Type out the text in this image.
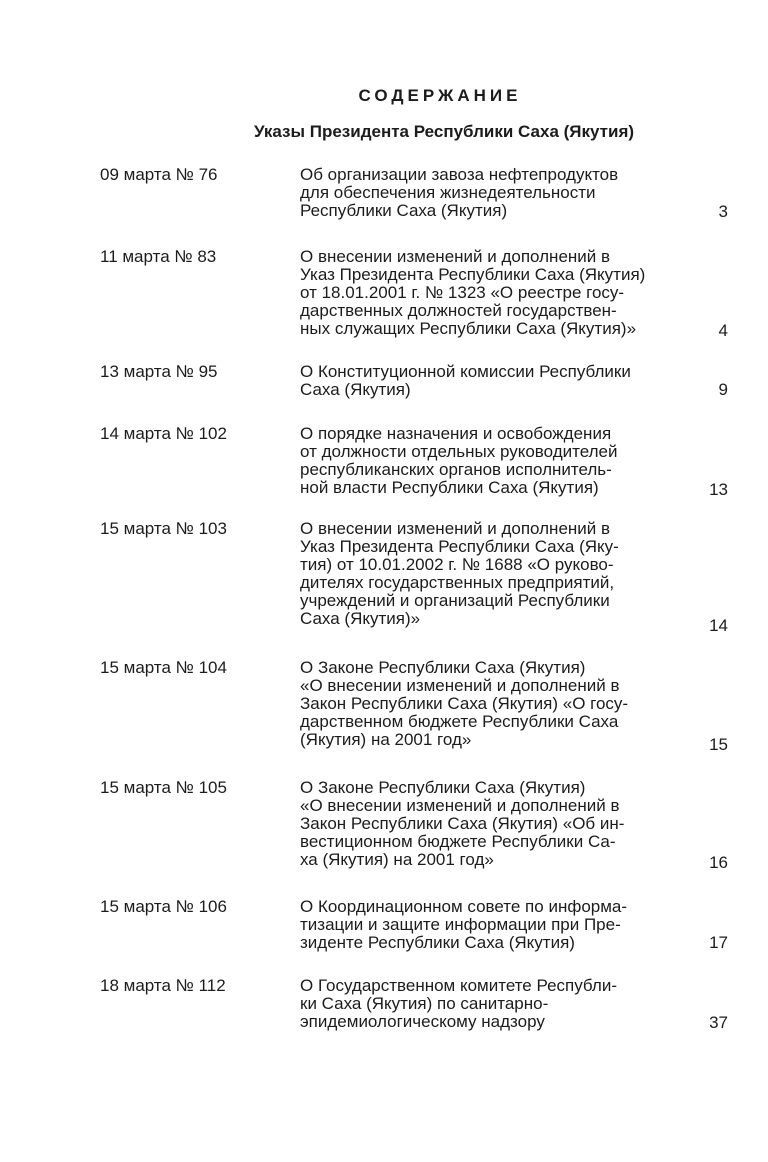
СОДЕРЖАНИЕ
Указы Президента Республики Саха (Якутия)
09 марта № 76	Об организации завоза нефтепродуктов
для обеспечения жизнедеятельности
Республики Саха (Якутия)	3
11 марта № 83	О внесении изменений и дополнений в
Указ Президента Республики Саха (Якутия)
от 18.01.2001 г. № 1323 «О реестре госу-
дарственных должностей государствен-
ных служащих Республики Саха (Якутия)»	4
13 марта № 95	О Конституционной комиссии Республики
Саха (Якутия)	9
14 марта № 102	О порядке назначения и освобождения
от должности отдельных руководителей
республиканских органов исполнитель-
ной власти Республики Саха (Якутия)	13
15 марта № 103	О внесении изменений и дополнений в
Указ Президента Республики Саха (Яку-
тия) от 10.01.2002 г. № 1688 «О руково-
дителях государственных предприятий,
учреждений и организаций Республики
Саха (Якутия)»	14
15 марта № 104	О Законе Республики Саха (Якутия)
«О внесении изменений и дополнений в
Закон Республики Саха (Якутия) «О госу-
дарственном бюджете Республики Саха
(Якутия) на 2001 год»	15
15 марта № 105	О Законе Республики Саха (Якутия)
«О внесении изменений и дополнений в
Закон Республики Саха (Якутия) «Об ин-
вестиционном бюджете Республики Са-
ха (Якутия) на 2001 год»	16
15 марта № 106	О Координационном совете по информа-
тизации и защите информации при Пре-
зиденте Республики Саха (Якутия)	17
18 марта № 112	О Государственном комитете Республи-
ки Саха (Якутия) по санитарно-
эпидемиологическому надзору	37
